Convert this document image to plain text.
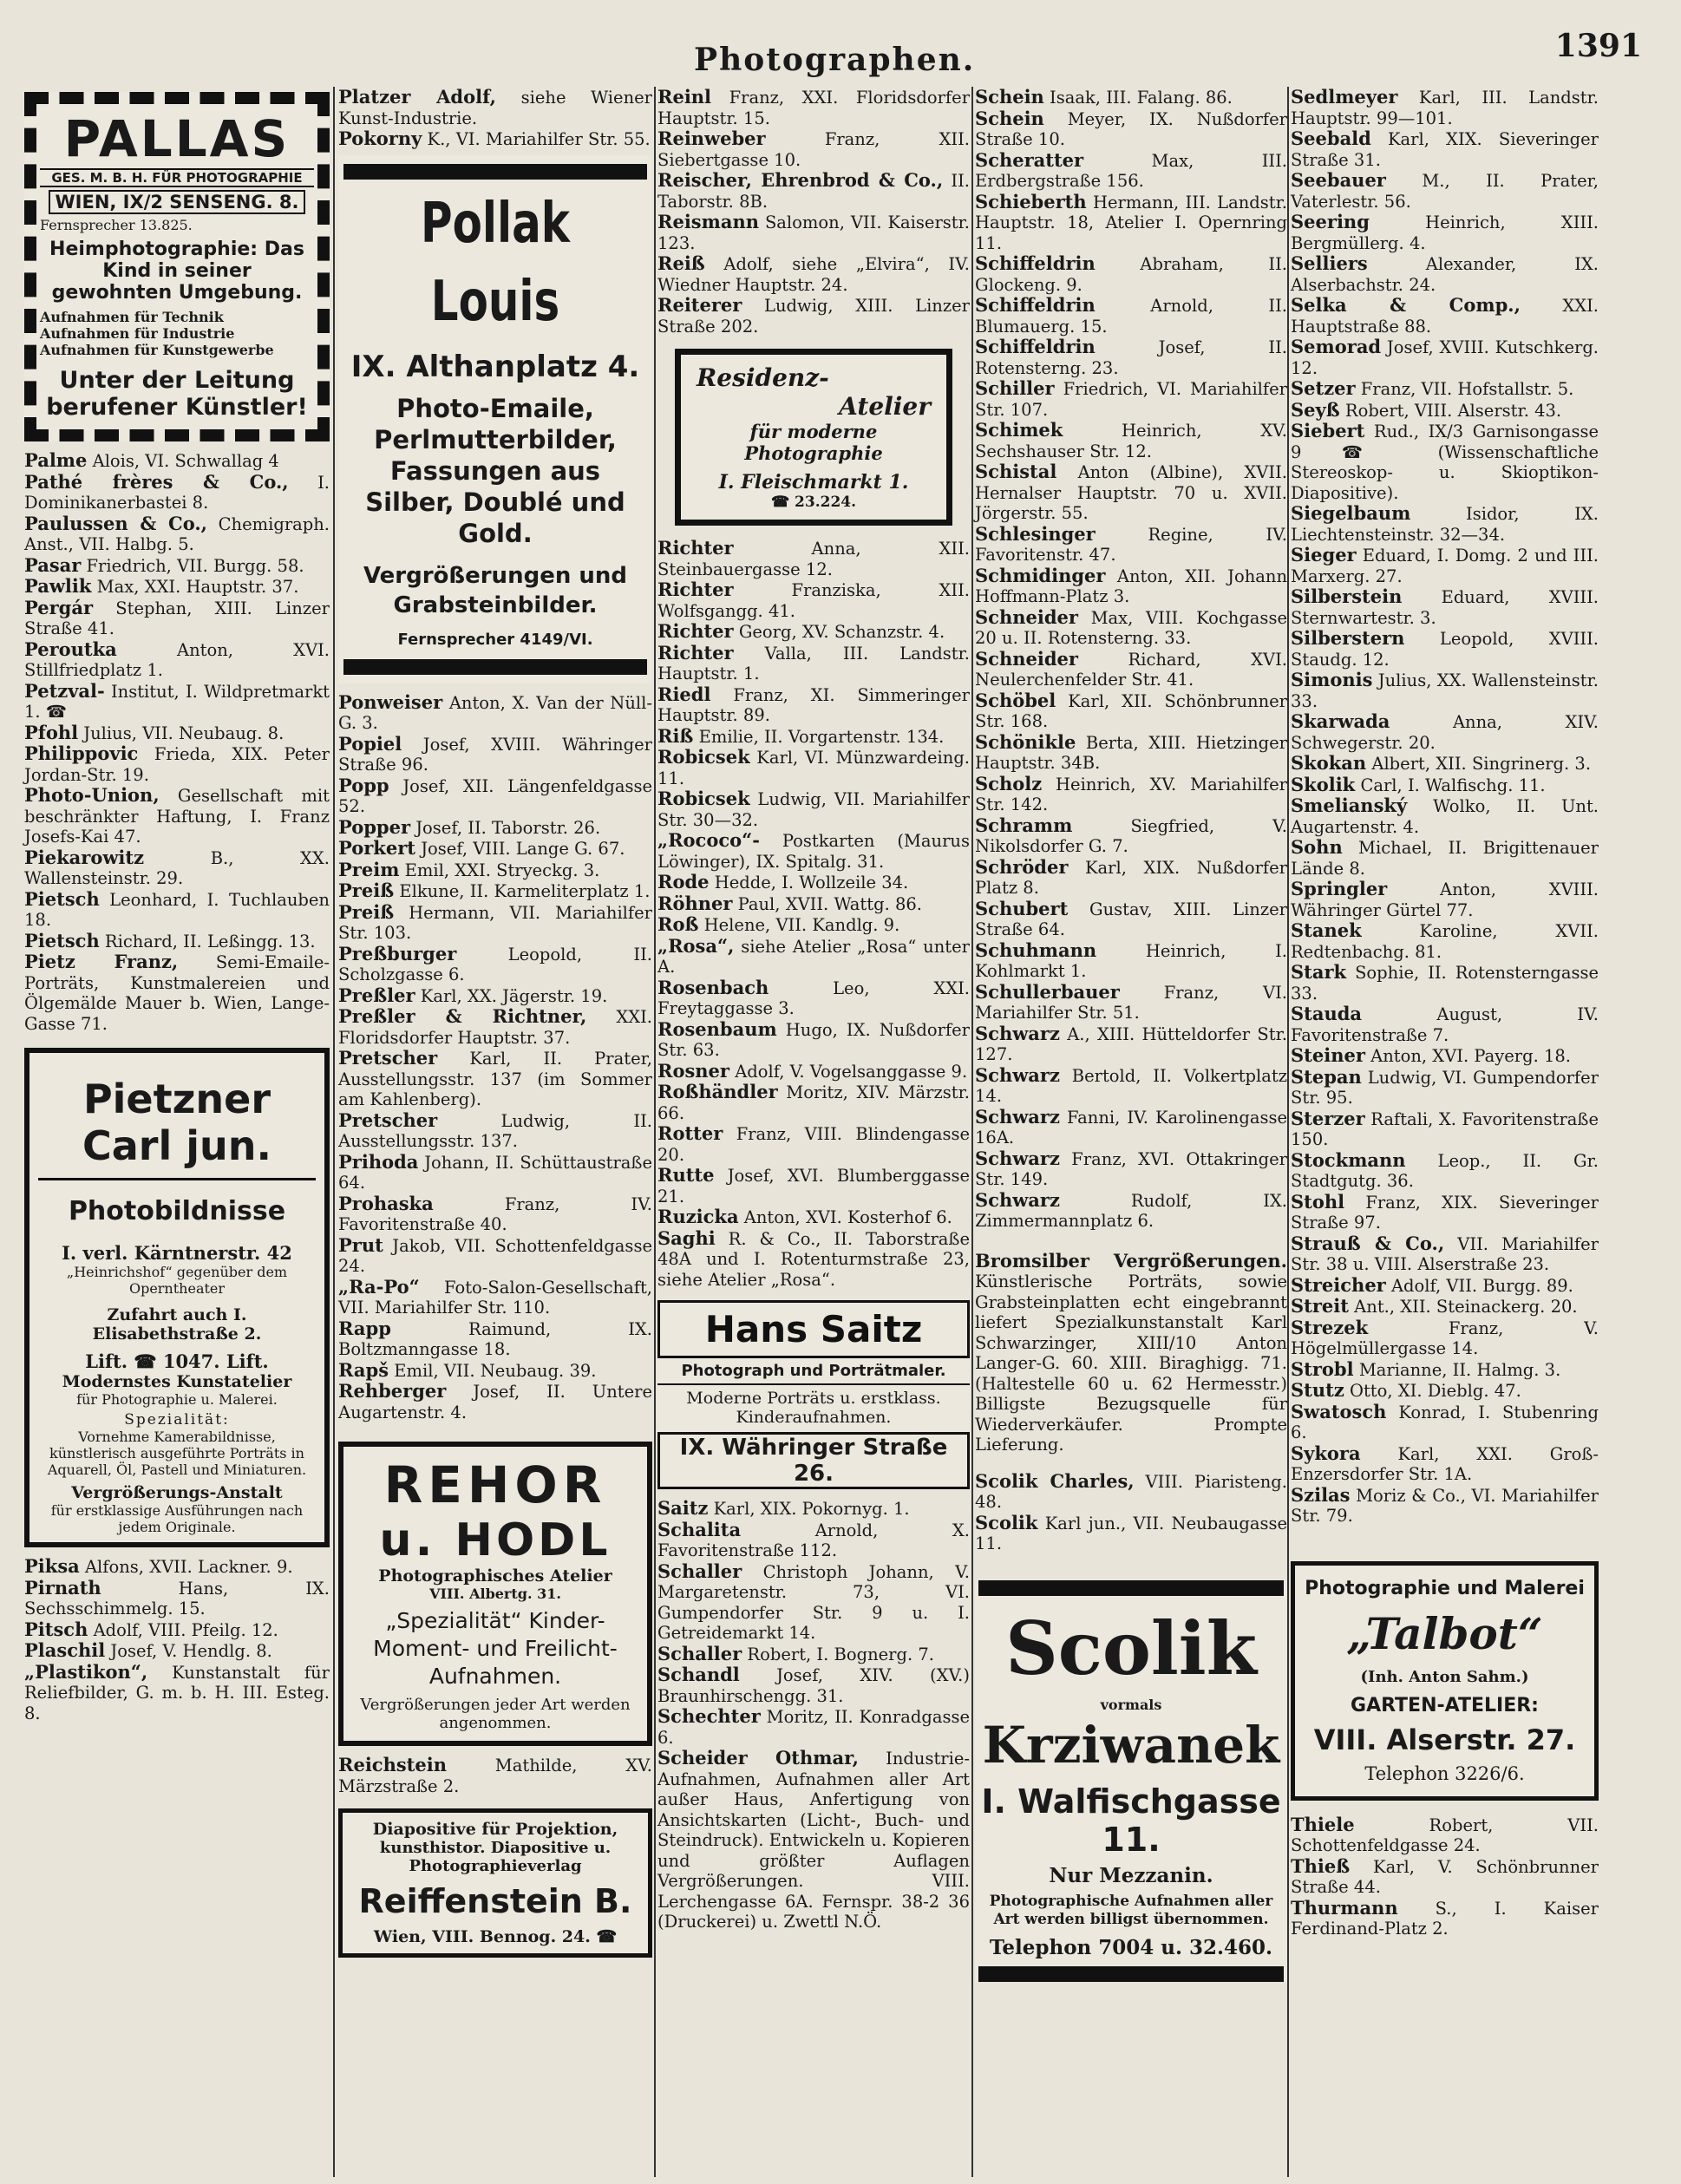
Photographen.	1391
PALLAS
GES. M. B. H. FÜR PHOTOGRAPHIE
WIEN, IX/2 SENSENG. 8.
Fernsprecher 13.825.
Heimphotographie: Das Kind in seiner gewohnten Umgebung.
Aufnahmen für Technik
Aufnahmen für Industrie
Aufnahmen für Kunstgewerbe
Unter der Leitung berufener Künstler!

Palme Alois, VI. Schwallag 4

Pathé frères & Co., I. Dominikanerbastei 8.

Paulussen & Co., Chemigraph. Anst., VII. Halbg. 5.

Pasar Friedrich, VII. Burgg. 58.

Pawlik Max, XXI. Hauptstr. 37.

Pergár Stephan, XIII. Linzer Straße 41.

Peroutka	Anton, XVI. Stillfriedplatz 1.

Petzval- Institut, I. Wildpretmarkt 1. ☎

Pfohl Julius, VII. Neubaug. 8.

Philippovic Frieda, XIX. Peter Jordan-Str. 19.

Photo-Union, Gesellschaft mit beschränkter Haftung, I. Franz Josefs-Kai 47.

Piekarowitz	B., XX. Wallensteinstr. 29.

Pietsch Leonhard, I. Tuchlauben 18.

Pietsch Richard, II. Leßingg. 13.

Pietz Franz, Semi-Emaile-Porträts, Kunstmalereien und Ölgemälde Mauer b. Wien, Lange-Gasse 71.

Pietzner Carl jun.
Photobildnisse
I. verl. Kärntnerstr. 42
„Heinrichshof“ gegenüber dem Operntheater
Zufahrt auch I. Elisabethstraße 2.
Lift. ☎ 1047. Lift.
Modernstes Kunstatelier
für Photographie u. Malerei.
Spezialität:
Vornehme Kamerabildnisse, künstlerisch ausgeführte Porträts in Aquarell, Öl, Pastell und Miniaturen.
Vergrößerungs-Anstalt
für erstklassige Ausführungen nach jedem Originale.

Piksa Alfons, XVII. Lackner. 9.

Pirnath	Hans, IX. Sechsschimmelg. 15.

Pitsch Adolf, VIII. Pfeilg. 12.

Plaschil Josef, V. Hendlg. 8.

„Plastikon“, Kunstanstalt für Reliefbilder, G. m. b. H. III. Esteg. 8.

Platzer Adolf, siehe Wiener Kunst-Industrie.

Pokorny K., VI. Mariahilfer Str. 55.

Pollak Louis
IX. Althanplatz 4.
Photo-Emaile, Perlmutterbilder, Fassungen aus Silber, Doublé und Gold.
Vergrößerungen und Grabsteinbilder.
Fernsprecher 4149/VI.

Ponweiser Anton, X. Van der Nüll-G. 3.

Popiel Josef, XVIII. Währinger Straße 96.

Popp Josef, XII. Längenfeldgasse 52.

Popper Josef, II. Taborstr. 26.

Porkert Josef, VIII. Lange G. 67.

Preim Emil, XXI. Stryeckg. 3.

Preiß Elkune, II. Karmeliterplatz 1.

Preiß Hermann, VII. Mariahilfer Str. 103.

Preßburger	Leopold, II. Scholzgasse 6.

Preßler Karl, XX. Jägerstr. 19.

Preßler & Richtner, XXI. Floridsdorfer Hauptstr. 37.

Pretscher Karl, II. Prater, Ausstellungsstr. 137 (im Sommer am Kahlenberg).

Pretscher	Ludwig, II. Ausstellungsstr. 137.

Prihoda Johann, II. Schüttaustraße 64.

Prohaska	Franz, IV. Favoritenstraße 40.

Prut Jakob, VII. Schottenfeldgasse 24.

„Ra-Po“ Foto-Salon-Gesellschaft, VII. Mariahilfer Str. 110.

Rapp	Raimund, IX. Boltzmanngasse 18.

Rapš Emil, VII. Neubaug. 39.

Rehberger Josef, II. Untere Augartenstr. 4.

REHOR
u. HODL
Photographisches Atelier
VIII. Albertg. 31.
„Spezialität“ Kinder-Moment- und Freilicht-Aufnahmen.
Vergrößerungen jeder Art werden angenommen.

Reichstein	Mathilde, XV. Märzstraße 2.

Diapositive für Projektion,
kunsthistor. Diapositive u. Photographieverlag
Reiffenstein B.
Wien, VIII. Bennog. 24. ☎

Reinl Franz, XXI. Floridsdorfer Hauptstr. 15.

Reinweber	Franz, XII. Siebertgasse 10.

Reischer, Ehrenbrod & Co., II. Taborstr. 8B.

Reismann Salomon, VII. Kaiserstr. 123.

Reiß Adolf, siehe „Elvira“, IV. Wiedner Hauptstr. 24.

Reiterer Ludwig, XIII. Linzer Straße 202.

Residenz-
Atelier
für moderne Photographie
I. Fleischmarkt 1.
☎ 23.224.

Richter	Anna, XII. Steinbauergasse 12.

Richter	Franziska, XII. Wolfsgangg. 41.

Richter Georg, XV. Schanzstr. 4.

Richter Valla, III. Landstr. Hauptstr. 1.

Riedl Franz, XI. Simmeringer Hauptstr. 89.

Riß Emilie, II. Vorgartenstr. 134.

Robicsek Karl, VI. Münzwardeing. 11.

Robicsek Ludwig, VII. Mariahilfer Str. 30—32.

„Rococo“- Postkarten (Maurus Löwinger), IX. Spitalg. 31.

Rode Hedde, I. Wollzeile 34.

Röhner Paul, XVII. Wattg. 86.

Roß Helene, VII. Kandlg. 9.

„Rosa“, siehe Atelier „Rosa“ unter A.

Rosenbach	Leo, XXI. Freytaggasse 3.

Rosenbaum Hugo, IX. Nußdorfer Str. 63.

Rosner Adolf, V. Vogelsanggasse 9.

Roßhändler Moritz, XIV. Märzstr. 66.

Rotter Franz, VIII. Blindengasse 20.

Rutte Josef, XVI. Blumberggasse 21.

Ruzicka Anton, XVI. Kosterhof 6.

Saghi R. & Co., II. Taborstraße 48A und I. Rotenturmstraße 23, siehe Atelier „Rosa“.

Hans Saitz
Photograph und Porträtmaler.
Moderne Porträts u. erstklass. Kinderaufnahmen.
IX. Währinger Straße 26.

Saitz Karl, XIX. Pokornyg. 1.

Schalita	Arnold, X. Favoritenstraße 112.

Schaller Christoph Johann, V. Margaretenstr. 73, VI. Gumpendorfer Str. 9 u. I. Getreidemarkt 14.

Schaller Robert, I. Bognerg. 7.

Schandl Josef, XIV. (XV.) Braunhirschengg. 31.

Schechter Moritz, II. Konradgasse 6.

Scheider Othmar, Industrie-Aufnahmen, Aufnahmen aller Art außer Haus, Anfertigung von Ansichtskarten (Licht-, Buch- und Steindruck). Entwickeln u. Kopieren und größter Auflagen Vergrößerungen. VIII. Lerchengasse 6A. Fernspr. 38-2 36 (Druckerei) u. Zwettl N.Ö.

Schein Isaak, III. Falang. 86.

Schein Meyer, IX. Nußdorfer Straße 10.

Scheratter	Max, III. Erdbergstraße 156.

Schieberth Hermann, III. Landstr. Hauptstr. 18, Atelier I. Opernring 11.

Schiffeldrin	Abraham, II. Glockeng. 9.

Schiffeldrin	Arnold, II. Blumauerg. 15.

Schiffeldrin	Josef, II. Rotensterng. 23.

Schiller Friedrich, VI. Mariahilfer Str. 107.

Schimek	Heinrich, XV. Sechshauser Str. 12.

Schistal Anton (Albine), XVII. Hernalser Hauptstr. 70 u. XVII. Jörgerstr. 55.

Schlesinger	Regine, IV. Favoritenstr. 47.

Schmidinger Anton, XII. Johann Hoffmann-Platz 3.

Schneider Max, VIII. Kochgasse 20 u. II. Rotensterng. 33.

Schneider	Richard, XVI. Neulerchenfelder Str. 41.

Schöbel Karl, XII. Schönbrunner Str. 168.

Schönikle Berta, XIII. Hietzinger Hauptstr. 34B.

Scholz Heinrich, XV. Mariahilfer Str. 142.

Schramm	Siegfried, V. Nikolsdorfer G. 7.

Schröder Karl, XIX. Nußdorfer Platz 8.

Schubert Gustav, XIII. Linzer Straße 64.

Schuhmann	Heinrich, I. Kohlmarkt 1.

Schullerbauer	Franz, VI. Mariahilfer Str. 51.

Schwarz A., XIII. Hütteldorfer Str. 127.

Schwarz Bertold, II. Volkertplatz 14.

Schwarz Fanni, IV. Karolinengasse 16A.

Schwarz Franz, XVI. Ottakringer Str. 149.

Schwarz	Rudolf, IX. Zimmermannplatz 6.

Bromsilber Vergrößerungen. Künstlerische Porträts, sowie Grabsteinplatten echt eingebrannt liefert Spezialkunstanstalt Karl Schwarzinger, XIII/10 Anton Langer-G. 60. XIII. Biraghigg. 71. (Haltestelle 60 u. 62 Hermesstr.) Billigste Bezugsquelle für Wiederverkäufer. Prompte Lieferung.

Scolik Charles, VIII. Piaristeng. 48.

Scolik Karl jun., VII. Neubaugasse 11.

Scolik
vormals
Krziwanek
I. Walfischgasse 11.
Nur Mezzanin.
Photographische Aufnahmen aller Art werden billigst übernommen.
Telephon 7004 u. 32.460.

Sedlmeyer Karl, III. Landstr. Hauptstr. 99—101.

Seebald Karl, XIX. Sieveringer Straße 31.

Seebauer M., II. Prater, Vaterlestr. 56.

Seering	Heinrich, XIII. Bergmüllerg. 4.

Selliers	Alexander, IX. Alserbachstr. 24.

Selka & Comp., XXI. Hauptstraße 88.

Semorad Josef, XVIII. Kutschkerg. 12.

Setzer Franz, VII. Hofstallstr. 5.

Seyß Robert, VIII. Alserstr. 43.

Siebert Rud., IX/3 Garnisongasse 9 ☎ (Wissenschaftliche Stereoskop- u. Skioptikon-Diapositive).

Siegelbaum	Isidor, IX. Liechtensteinstr. 32—34.

Sieger Eduard, I. Domg. 2 und III. Marxerg. 27.

Silberstein Eduard, XVIII. Sternwartestr. 3.

Silberstern Leopold, XVIII. Staudg. 12.

Simonis Julius, XX. Wallensteinstr. 33.

Skarwada	Anna, XIV. Schwegerstr. 20.

Skokan Albert, XII. Singrinerg. 3.

Skolik Carl, I. Walfischg. 11.

Smelianský Wolko, II. Unt. Augartenstr. 4.

Sohn Michael, II. Brigittenauer Lände 8.

Springler	Anton, XVIII. Währinger Gürtel 77.

Stanek	Karoline, XVII. Redtenbachg. 81.

Stark Sophie, II. Rotensterngasse 33.

Stauda	August, IV. Favoritenstraße 7.

Steiner Anton, XVI. Payerg. 18.

Stepan Ludwig, VI. Gumpendorfer Str. 95.

Sterzer Raftali, X. Favoritenstraße 150.

Stockmann Leop., II. Gr. Stadtgutg. 36.

Stohl Franz, XIX. Sieveringer Straße 97.

Strauß & Co., VII. Mariahilfer Str. 38 u. VIII. Alserstraße 23.

Streicher Adolf, VII. Burgg. 89.

Streit Ant., XII. Steinackerg. 20.

Strezek	Franz, V. Högelmüllergasse 14.

Strobl Marianne, II. Halmg. 3.

Stutz Otto, XI. Dieblg. 47.

Swatosch Konrad, I. Stubenring 6.

Sykora Karl, XXI. Groß-Enzersdorfer Str. 1A.

Szilas Moriz & Co., VI. Mariahilfer Str. 79.

Photographie und Malerei
„Talbot“
(Inh. Anton Sahm.)
GARTEN-ATELIER:
VIII. Alserstr. 27.
Telephon 3226/6.

Thiele	Robert, VII. Schottenfeldgasse 24.

Thieß Karl, V. Schönbrunner Straße 44.

Thurmann S., I. Kaiser Ferdinand-Platz 2.
